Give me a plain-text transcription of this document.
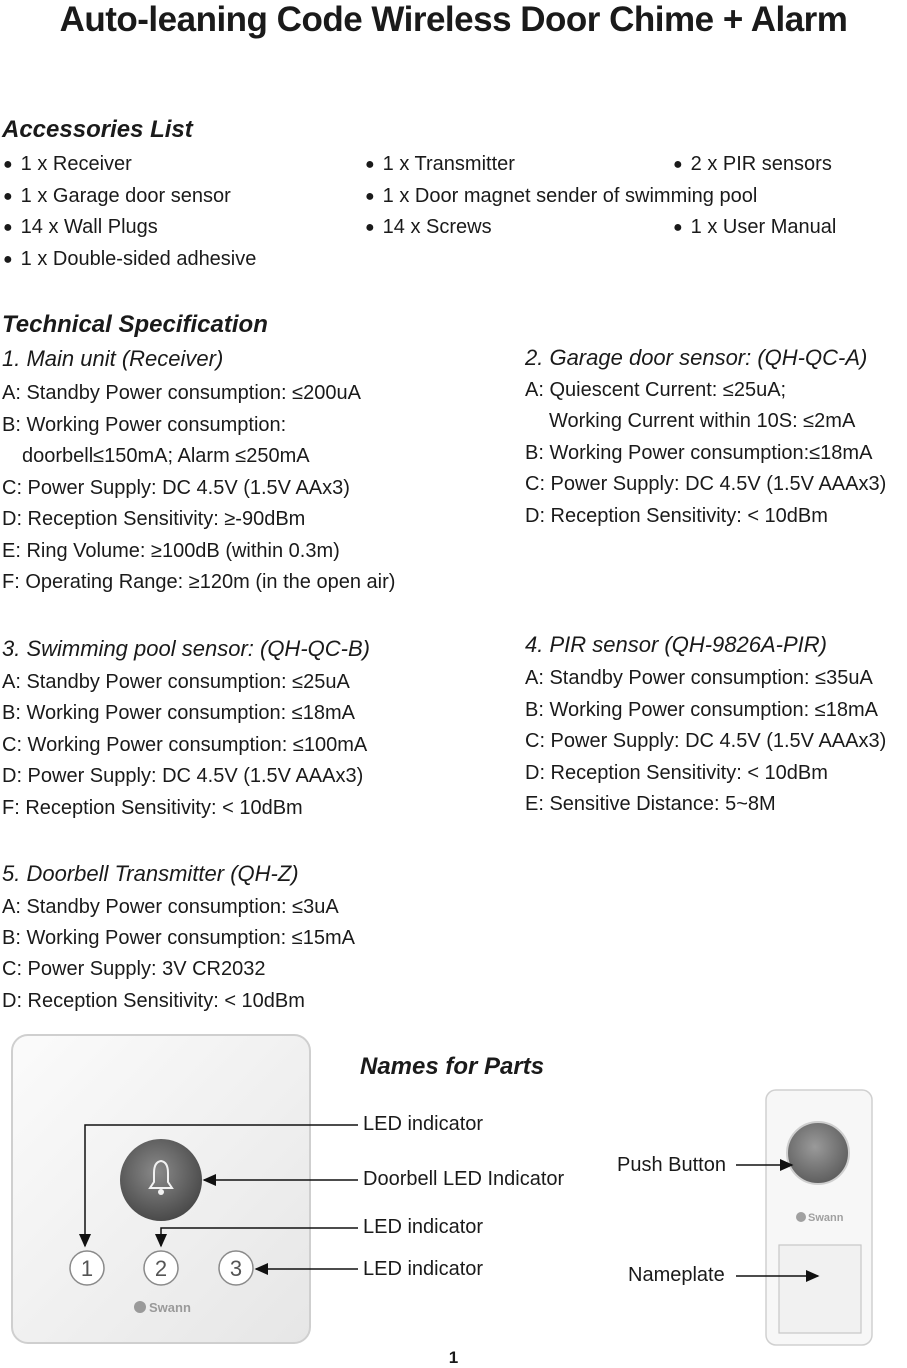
Auto-leaning Code Wireless Door Chime + Alarm
Accessories List
● 1 x Receiver	● 1 x Transmitter	● 2 x PIR sensors
● 1 x Garage door sensor	● 1 x Door magnet sender of swimming pool
● 14 x Wall Plugs	● 14 x Screws	● 1 x User Manual
● 1 x Double-sided adhesive
Technical Specification
1. Main unit (Receiver)
A: Standby Power consumption: ≤200uA
B: Working Power consumption:
doorbell≤150mA; Alarm ≤250mA
C: Power Supply: DC 4.5V (1.5V AAx3)
D: Reception Sensitivity: ≥-90dBm
E: Ring Volume: ≥100dB (within 0.3m)
F: Operating Range: ≥120m (in the open air)
2. Garage door sensor: (QH-QC-A)
A: Quiescent Current: ≤25uA;
Working Current within 10S: ≤2mA
B: Working Power consumption:≤18mA
C: Power Supply: DC 4.5V (1.5V AAAx3)
D: Reception Sensitivity: < 10dBm
3. Swimming pool sensor: (QH-QC-B)
A: Standby Power consumption: ≤25uA
B: Working Power consumption: ≤18mA
C: Working Power consumption: ≤100mA
D: Power Supply: DC 4.5V (1.5V AAAx3)
F: Reception Sensitivity: < 10dBm
4. PIR sensor (QH-9826A-PIR)
A: Standby Power consumption: ≤35uA
B: Working Power consumption: ≤18mA
C: Power Supply: DC 4.5V (1.5V AAAx3)
D: Reception Sensitivity: < 10dBm
E: Sensitive Distance: 5~8M
5. Doorbell Transmitter (QH-Z)
A: Standby Power consumption: ≤3uA
B: Working Power consumption: ≤15mA
C: Power Supply: 3V CR2032
D: Reception Sensitivity: < 10dBm
1	2	3
Swann
Swann
Names for Parts
LED indicator
Doorbell LED Indicator
LED indicator
LED indicator
Push Button
Nameplate
1
